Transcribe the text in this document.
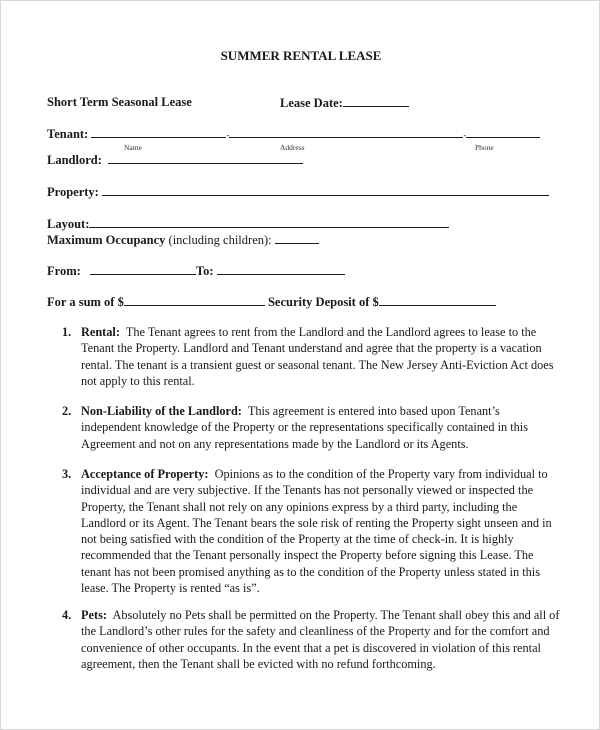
SUMMER RENTAL LEASE
Short Term Seasonal Lease	Lease Date:
Tenant:	-	-
Name	Address	Phone
Landlord:
Property:
Layout:
Maximum Occupancy (including children):
From:	To:
For a sum of $	Security Deposit of $
1. Rental: The Tenant agrees to rent from the Landlord and the Landlord agrees to lease to the Tenant the Property. Landlord and Tenant understand and agree that the property is a vacation rental. The tenant is a transient guest or seasonal tenant. The New Jersey Anti-Eviction Act does not apply to this rental.
2. Non-Liability of the Landlord: This agreement is entered into based upon Tenant’s independent knowledge of the Property or the representations specifically contained in this Agreement and not on any representations made by the Landlord or its Agents.
3. Acceptance of Property: Opinions as to the condition of the Property vary from individual to individual and are very subjective. If the Tenants has not personally viewed or inspected the Property, the Tenant shall not rely on any opinions express by a third party, including the Landlord or its Agent. The Tenant bears the sole risk of renting the Property sight unseen and in not being satisfied with the condition of the Property at the time of check-in. It is highly recommended that the Tenant personally inspect the Property before signing this Lease. The tenant has not been promised anything as to the condition of the Property unless stated in this lease. The Property is rented “as is”.
4. Pets: Absolutely no Pets shall be permitted on the Property. The Tenant shall obey this and all of the Landlord’s other rules for the safety and cleanliness of the Property and for the comfort and convenience of other occupants. In the event that a pet is discovered in violation of this rental agreement, then the Tenant shall be evicted with no refund forthcoming.
